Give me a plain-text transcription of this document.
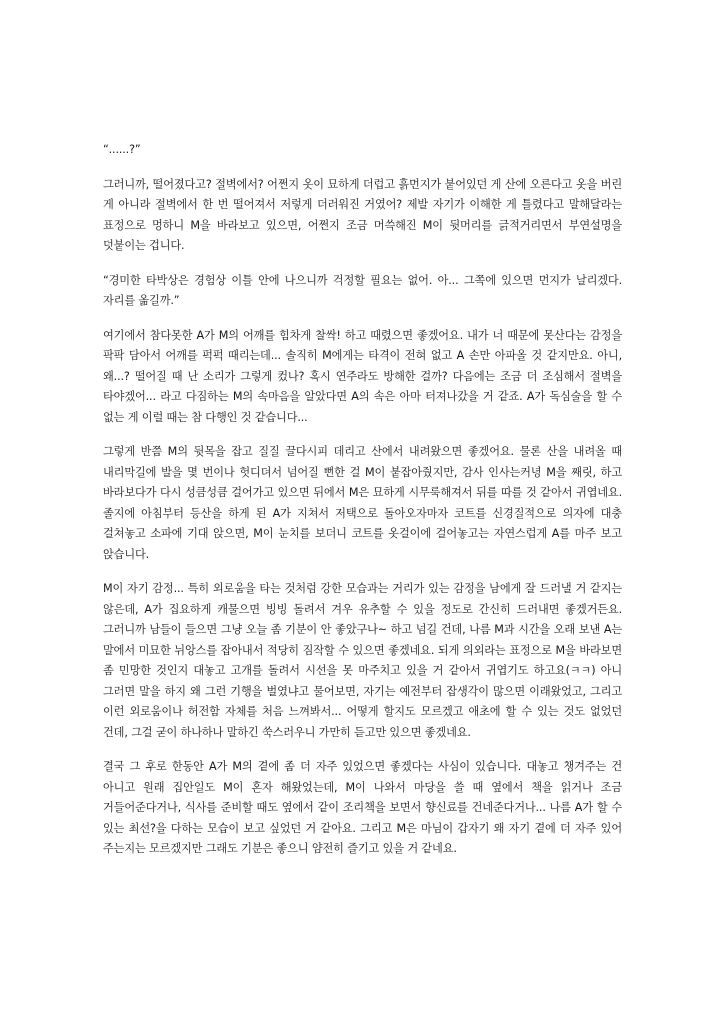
“......?”

그러니까, 떨어졌다고? 절벽에서? 어쩐지 옷이 묘하게 더럽고 흙먼지가 붙어있던 게 산에 오른다고 옷을 버린 게 아니라 절벽에서 한 번 떨어져서 저렇게 더러워진 거였어? 제발 자기가 이해한 게 틀렸다고 말해달라는 표정으로 멍하니 M을 바라보고 있으면, 어쩐지 조금 머쓱해진 M이 뒷머리를 긁적거리면서 부연설명을 덧붙이는 겁니다.

“경미한 타박상은 경험상 이틀 안에 나으니까 걱정할 필요는 없어. 아... 그쪽에 있으면 먼지가 날리겠다. 자리를 옮길까.”

여기에서 참다못한 A가 M의 어깨를 힘차게 찰싹! 하고 때렸으면 좋겠어요. 내가 너 때문에 못산다는 감정을 팍팍 담아서 어깨를 퍽퍽 때리는데... 솔직히 M에게는 타격이 전혀 없고 A 손만 아파올 것 같지만요. 아니, 왜...? 떨어질 때 난 소리가 그렇게 컸나? 혹시 연주라도 방해한 걸까? 다음에는 조금 더 조심해서 절벽을 타야겠어... 라고 다짐하는 M의 속마음을 알았다면 A의 속은 아마 터져나갔을 거 같죠. A가 독심술을 할 수 없는 게 이럴 때는 참 다행인 것 같습니다...

그렇게 반쯤 M의 뒷목을 잡고 질질 끌다시피 데리고 산에서 내려왔으면 좋겠어요. 물론 산을 내려올 때 내리막길에 발을 몇 번이나 헛디뎌서 넘어질 뻔한 걸 M이 붙잡아줬지만, 감사 인사는커녕 M을 째릿, 하고 바라보다가 다시 성큼성큼 걸어가고 있으면 뒤에서 M은 묘하게 시무룩해져서 뒤를 따를 것 같아서 귀엽네요. 졸지에 아침부터 등산을 하게 된 A가 지쳐서 저택으로 돌아오자마자 코트를 신경질적으로 의자에 대충 걸쳐놓고 소파에 기대 앉으면, M이 눈치를 보더니 코트를 옷걸이에 걸어놓고는 자연스럽게 A를 마주 보고 앉습니다.

M이 자기 감정... 특히 외로움을 타는 것처럼 강한 모습과는 거리가 있는 감정을 남에게 잘 드러낼 거 같지는 않은데, A가 집요하게 캐물으면 빙빙 돌려서 겨우 유추할 수 있을 정도로 간신히 드러내면 좋겠거든요. 그러니까 남들이 들으면 그냥 오늘 좀 기분이 안 좋았구나~ 하고 넘길 건데, 나름 M과 시간을 오래 보낸 A는 말에서 미묘한 뉘앙스를 잡아내서 적당히 짐작할 수 있으면 좋겠네요. 되게 의외라는 표정으로 M을 바라보면 좀 민망한 것인지 대놓고 고개를 돌려서 시선을 못 마주치고 있을 거 같아서 귀엽기도 하고요(ㅋㅋ) 아니 그러면 말을 하지 왜 그런 기행을 벌였냐고 물어보면, 자기는 예전부터 잡생각이 많으면 이래왔었고, 그리고 이런 외로움이나 허전함 자체를 처음 느껴봐서... 어떻게 할지도 모르겠고 애초에 할 수 있는 것도 없었던 건데, 그걸 굳이 하나하나 말하긴 쑥스러우니 가만히 듣고만 있으면 좋겠네요.

결국 그 후로 한동안 A가 M의 곁에 좀 더 자주 있었으면 좋겠다는 사심이 있습니다. 대놓고 챙겨주는 건 아니고 원래 집안일도 M이 혼자 해왔었는데, M이 나와서 마당을 쓸 때 옆에서 책을 읽거나 조금 거들어준다거나, 식사를 준비할 때도 옆에서 같이 조리책을 보면서 향신료를 건네준다거나... 나름 A가 할 수 있는 최선?을 다하는 모습이 보고 싶었던 거 같아요. 그리고 M은 마님이 갑자기 왜 자기 곁에 더 자주 있어 주는지는 모르겠지만 그래도 기분은 좋으니 얌전히 즐기고 있을 거 같네요.
